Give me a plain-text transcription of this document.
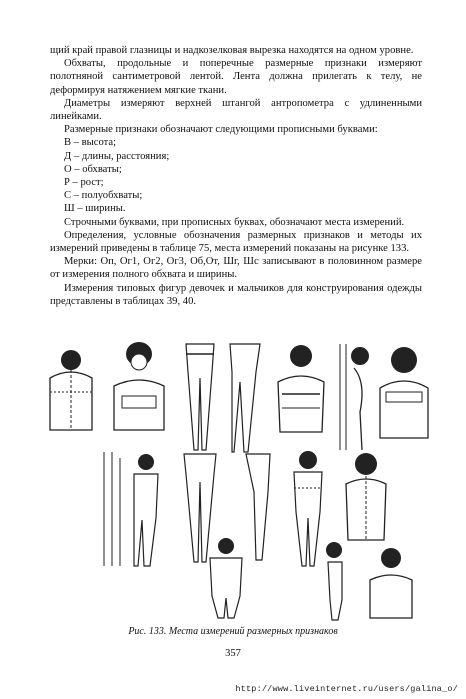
щий край правой глазницы и надкозелковая вырезка находятся на одном уровне.

Обхваты, продольные и поперечные размерные признаки измеряют полотняной сантиметровой лентой. Лента должна прилегать к телу, не деформируя натяжением мягкие ткани.

Диаметры измеряют верхней штангой антропометра с удлиненными линейками.

Размерные признаки обозначают следующими прописными буквами:

В – высота;

Д – длины, расстояния;

О – обхваты;

Р – рост;

С – полуобхваты;

Ш – ширины.

Строчными буквами, при прописных буквах, обозначают места измерений.

Определения, условные обозначения размерных признаков и методы их измерений приведены в таблице 75, места измерений показаны на рисунке 133.

Мерки: Оп, Ог1, Ог2, Ог3, Об,От, Шг, Шс записывают в половинном размере от измерения полного обхвата и ширины.

Измерения типовых фигур девочек и мальчиков для конструирования одежды представлены в таблицах 39, 40.

Рис. 133. Места измерений размерных признаков
357
http://www.liveinternet.ru/users/galina_o/
